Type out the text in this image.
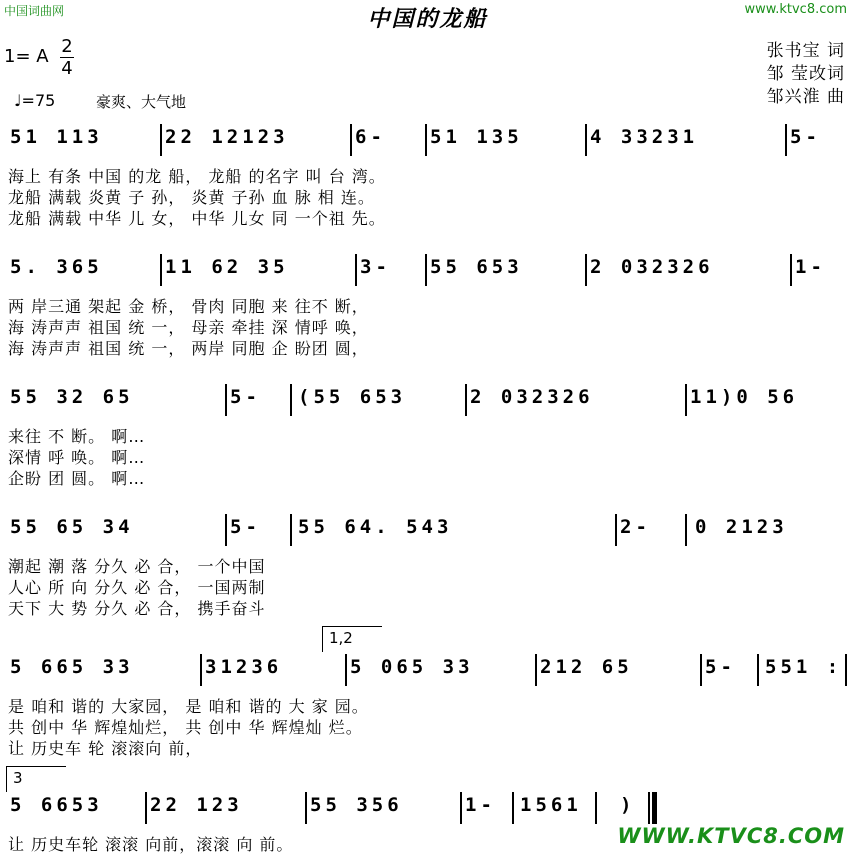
中国词曲网	www.ktvc8.com
中国的龙船
1= A 2
4
♩=75	豪爽、大气地
张书宝 词
邹 莹改词
邹兴淮 曲
51 113	22 12123	6- 51 135	4 33231	5-
海上 有条 中国 的龙 船， 龙船 的名字 叫 台 湾。
龙船 满载 炎黄 子 孙， 炎黄 子孙 血 脉 相 连。
龙船 满载 中华 儿 女， 中华 儿女 同 一个祖 先。
5. 365	11 62 35	3- 55 653	2 032326	1-
两 岸三通 架起 金 桥， 骨肉 同胞 来 往不 断，
海 涛声声 祖国 统 一， 母亲 牵挂 深 情呼 唤，
海 涛声声 祖国 统 一， 两岸 同胞 企 盼团 圆，
55 32 65	5- (55 653	2 032326	11)0 56
来往 不 断。 啊…
深情 呼 唤。 啊…
企盼 团 圆。 啊…
55 65 34	5- 55 64. 543	2- 0 2123
潮起 潮 落 分久 必 合， 一个中国
人心 所 向 分久 必 合， 一国两制
天下 大 势 分久 必 合， 携手奋斗
1,2
5 665 33	31236	5 065 33	212 65	5- 551 :
是 咱和 谐的 大家园， 是 咱和 谐的 大 家 园。
共 创中 华 辉煌灿烂， 共 创中 华 辉煌灿 烂。
让 历史车 轮 滚滚向 前，
3
5 6653 22 123	55 356	1- 1561 )
让 历史车轮 滚滚 向前，滚滚 向 前。	WWW.KTVC8.COM
